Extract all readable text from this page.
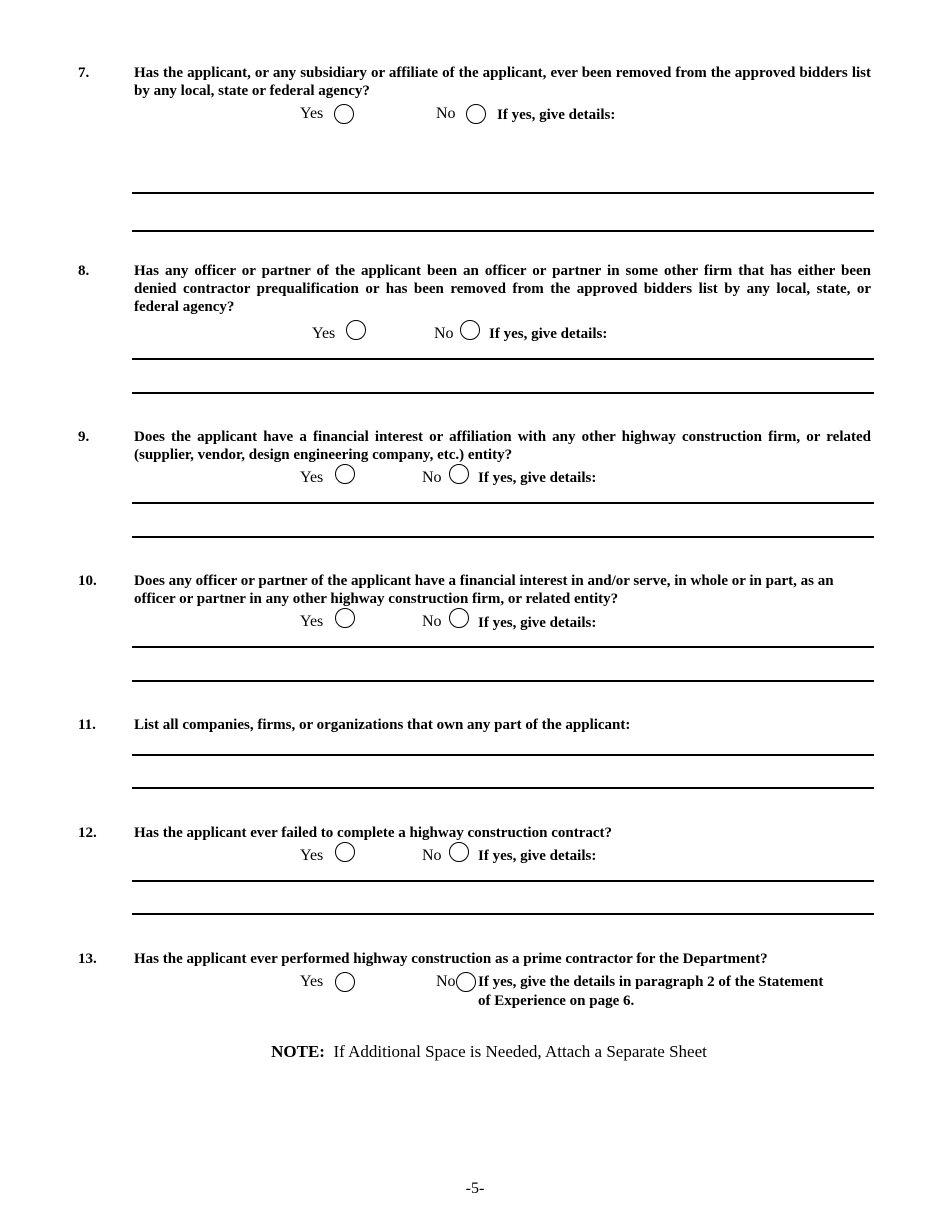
7.	Has the applicant, or any subsidiary or affiliate of the applicant, ever been removed from the approved bidders list by any local, state or federal agency?
Yes	No	If yes, give details:
8.	Has any officer or partner of the applicant been an officer or partner in some other firm that has either been denied contractor prequalification or has been removed from the approved bidders list by any local, state, or federal agency?
Yes	No If yes, give details:
9.	Does the applicant have a financial interest or affiliation with any other highway construction firm, or related (supplier, vendor, design engineering company, etc.) entity?
Yes	No If yes, give details:
10. Does any officer or partner of the applicant have a financial interest in and/or serve, in whole or in part, as an officer or partner in any other highway construction firm, or related entity?
Yes	No If yes, give details:
11.	List all companies, firms, or organizations that own any part of the applicant:
12. Has the applicant ever failed to complete a highway construction contract?
Yes	No If yes, give details:
13. Has the applicant ever performed highway construction as a prime contractor for the Department?
Yes	No If yes, give the details in paragraph 2 of the Statement
of Experience on page 6.
NOTE: If Additional Space is Needed, Attach a Separate Sheet
-5-
